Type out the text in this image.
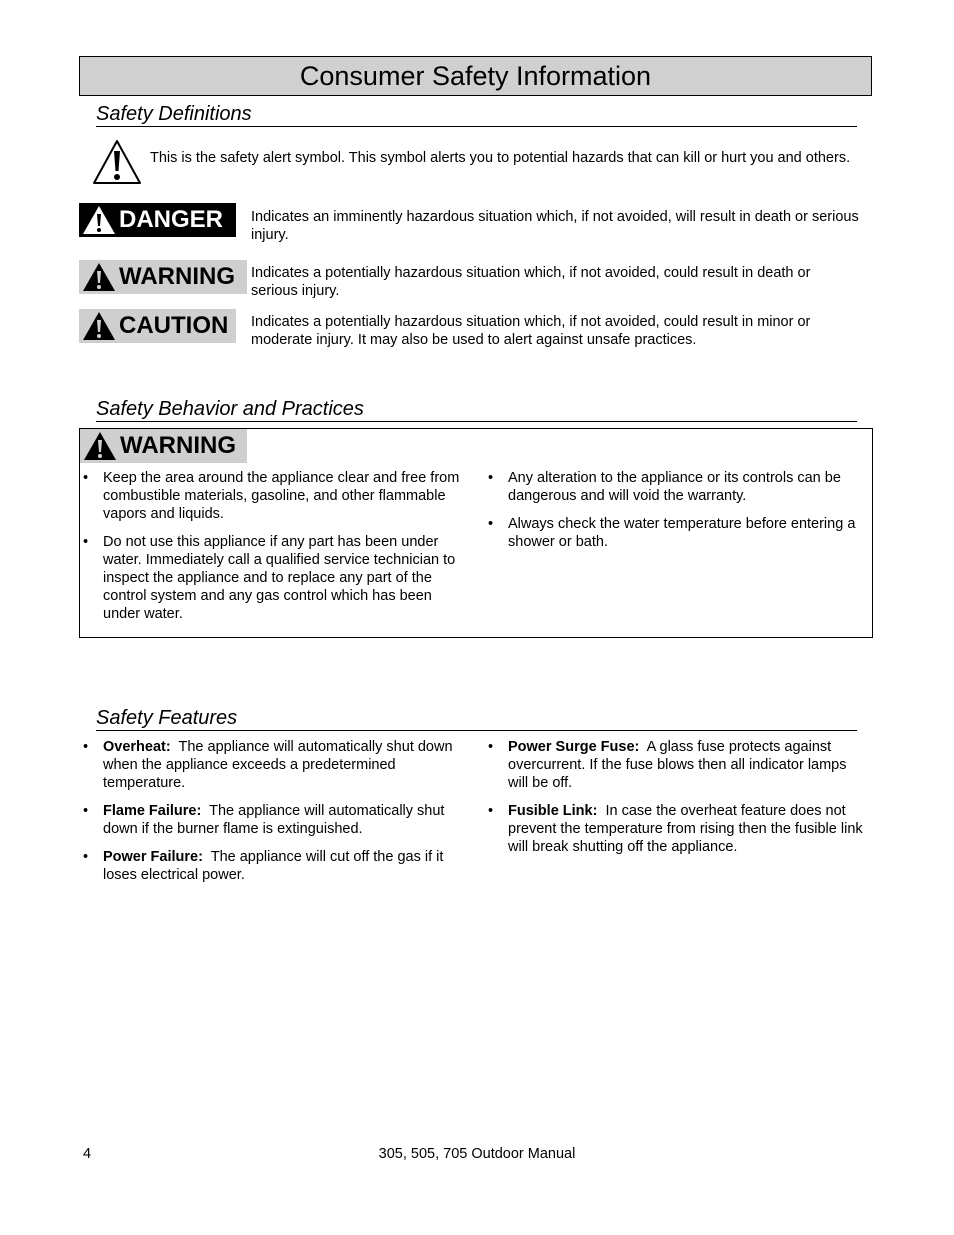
Consumer Safety Information
Safety Definitions
This is the safety alert symbol. This symbol alerts you to potential hazards that can kill or hurt you and others.
DANGER Indicates an imminently hazardous situation which, if not avoided, will result in death or serious injury.
WARNING Indicates a potentially hazardous situation which, if not avoided, could result in death or serious injury.
CAUTION Indicates a potentially hazardous situation which, if not avoided, could result in minor or moderate injury. It may also be used to alert against unsafe practices.
Safety Behavior and Practices
WARNING
• Keep the area around the appliance clear and free from combustible materials, gasoline, and other flammable vapors and liquids.
• Do not use this appliance if any part has been under water. Immediately call a qualified service technician to inspect the appliance and to replace any part of the control system and any gas control which has been under water.
• Any alteration to the appliance or its controls can be dangerous and will void the warranty.
• Always check the water temperature before entering a shower or bath.
Safety Features
• Overheat: The appliance will automatically shut down when the appliance exceeds a predetermined temperature.
• Flame Failure: The appliance will automatically shut down if the burner flame is extinguished.
• Power Failure: The appliance will cut off the gas if it loses electrical power.
• Power Surge Fuse: A glass fuse protects against overcurrent. If the fuse blows then all indicator lamps will be off.
• Fusible Link: In case the overheat feature does not prevent the temperature from rising then the fusible link will break shutting off the appliance.
4	305, 505, 705 Outdoor Manual
